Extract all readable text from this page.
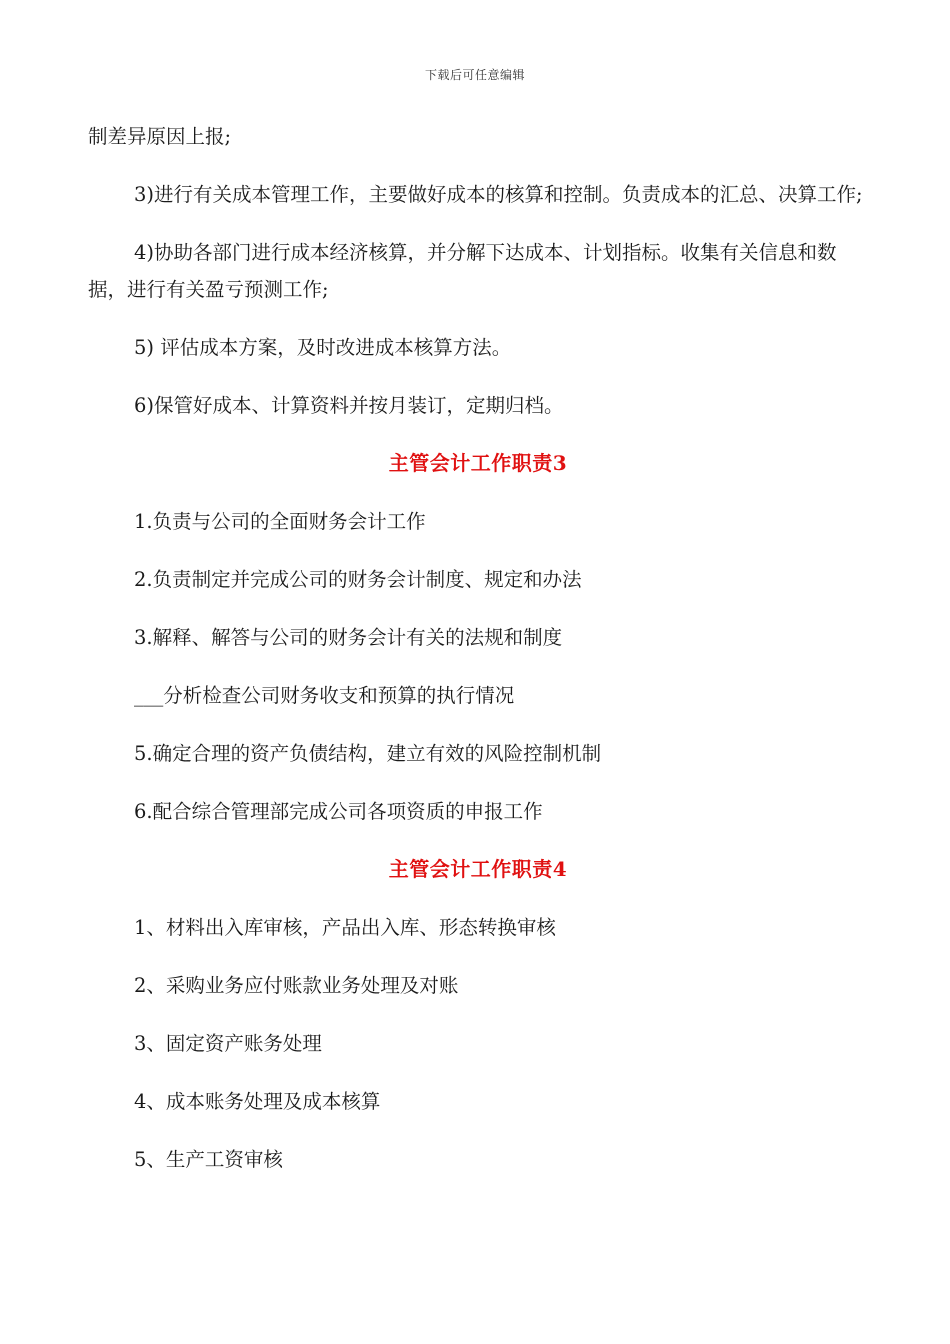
下载后可任意编辑

制差异原因上报;

3)进行有关成本管理工作，主要做好成本的核算和控制。负责成本的汇总、决算工作;

4)协助各部门进行成本经济核算，并分解下达成本、计划指标。收集有关信息和数据，进行有关盈亏预测工作;

5) 评估成本方案，及时改进成本核算方法。

6)保管好成本、计算资料并按月装订，定期归档。

主管会计工作职责3

1.负责与公司的全面财务会计工作

2.负责制定并完成公司的财务会计制度、规定和办法

3.解释、解答与公司的财务会计有关的法规和制度

___分析检查公司财务收支和预算的执行情况

5.确定合理的资产负债结构，建立有效的风险控制机制

6.配合综合管理部完成公司各项资质的申报工作

主管会计工作职责4

1、材料出入库审核，产品出入库、形态转换审核

2、采购业务应付账款业务处理及对账

3、固定资产账务处理

4、成本账务处理及成本核算

5、生产工资审核
